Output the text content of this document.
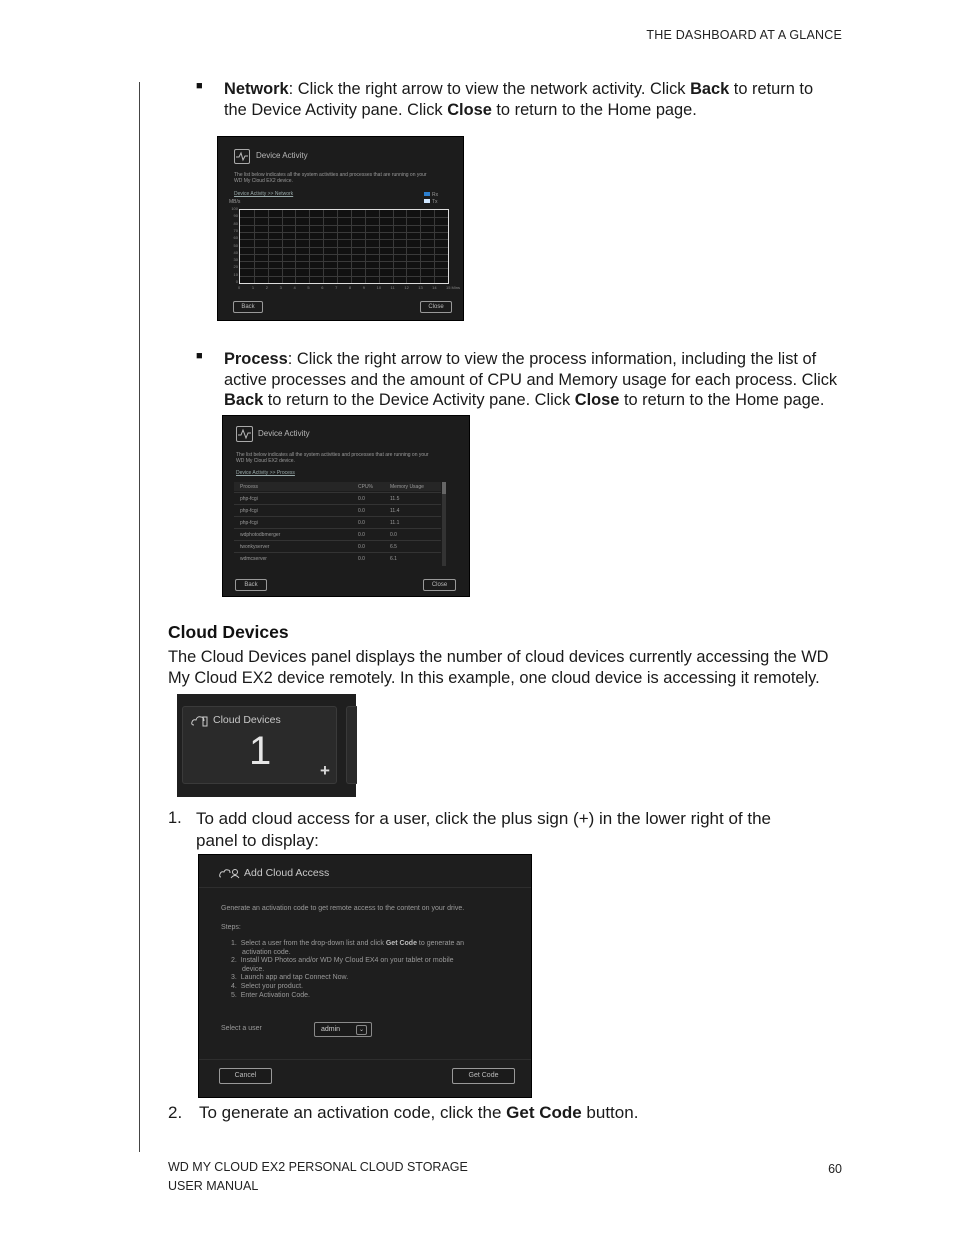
THE DASHBOARD AT A GLANCE
■ Network: Click the right arrow to view the network activity. Click Back to return to
the Device Activity pane. Click Close to return to the Home page.
Device Activity
The list below indicates all the system activities and processes that are running on your
WD My Cloud EX2 device.
Device Activity >> Network	Rx
Tx
MB/s
100
90
80
70
60
50
40
30
20
10
0
0	1	2	3	4	5	6	7	8	9	10 11 12 13 14 15 Mins
Back	Close
■ Process: Click the right arrow to view the process information, including the list of
active processes and the amount of CPU and Memory usage for each process. Click
Back to return to the Device Activity pane. Click Close to return to the Home page.
Device Activity
The list below indicates all the system activities and processes that are running on your
WD My Cloud EX2 device.
Device Activity >> Process
Process	CPU%	Memory Usage
php-fcgi	0.0	11.5
php-fcgi	0.0	11.4
php-fcgi	0.0	11.1
wdphotodbmerger	0.0	0.0
twonkyserver	0.0	6.5
wdmcserver	0.0	6.1
Back	Close
Cloud Devices
The Cloud Devices panel displays the number of cloud devices currently accessing the WD
My Cloud EX2 device remotely. In this example, one cloud device is accessing it remotely.
Cloud Devices
1	+
1. To add cloud access for a user, click the plus sign (+) in the lower right of the
panel to display:
Add Cloud Access
Generate an activation code to get remote access to the content on your drive.
Steps:
1. Select a user from the drop-down list and click Get Code to generate an
activation code.
2. Install WD Photos and/or WD My Cloud EX4 on your tablet or mobile
device.
3. Launch app and tap Connect Now.
4. Select your product.
5. Enter Activation Code.
Select a user	admin	⌄
Cancel	Get Code
2. To generate an activation code, click the Get Code button.
WD MY CLOUD EX2 PERSONAL CLOUD STORAGE
USER MANUAL
60
